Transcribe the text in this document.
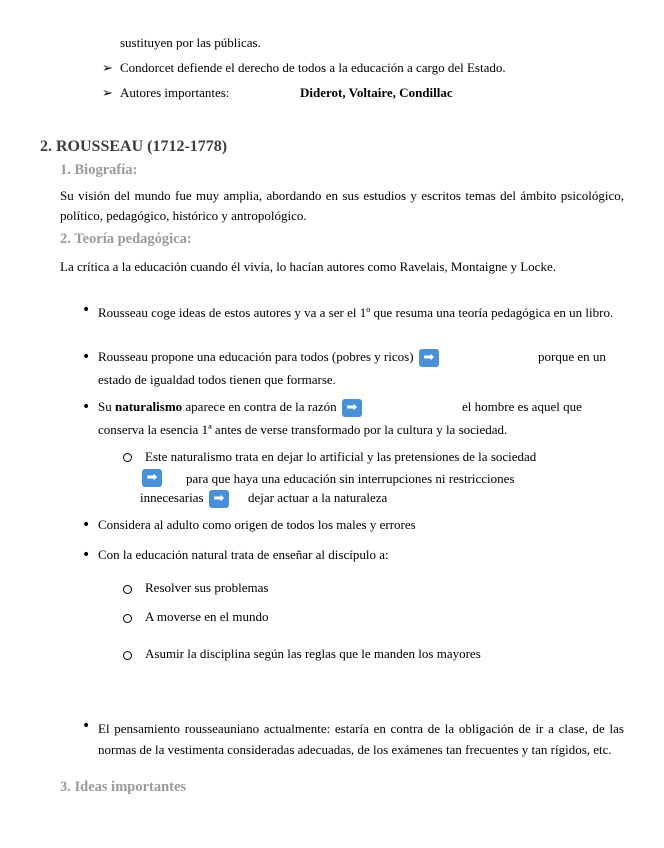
sustituyen por las públicas.
➢ Condorcet defiende el derecho de todos a la educación a cargo del Estado.
➢ Autores importantes:	Diderot, Voltaire, Condillac
2. ROUSSEAU (1712-1778)
1. Biografía:
Su visión del mundo fue muy amplia, abordando en sus estudios y escritos temas del ámbito psicológico, político, pedagógico, histórico y antropológico.
2. Teoría pedagógica:
La crítica a la educación cuando él vivía, lo hacían autores como Ravelais, Montaigne y Locke.
• Rousseau coge ideas de estos autores y va a ser el 1º que resuma una teoría pedagógica en un libro.
• Rousseau propone una educación para todos (pobres y ricos) ➡	porque en un
estado de igualdad todos tienen que formarse.
• Su naturalismo aparece en contra de la razón ➡	el hombre es aquel que
conserva la esencia 1ª antes de verse transformado por la cultura y la sociedad.
Este naturalismo trata en dejar lo artificial y las pretensiones de la sociedad
➡	para que haya una educación sin interrupciones ni restricciones
innecesarias ➡ dejar actuar a la naturaleza
• Considera al adulto como origen de todos los males y errores
• Con la educación natural trata de enseñar al discípulo a:
Resolver sus problemas
A moverse en el mundo
Asumir la disciplina según las reglas que le manden los mayores
• El pensamiento rousseauniano actualmente: estaría en contra de la obligación de ir a clase, de las normas de la vestimenta consideradas adecuadas, de los exámenes tan frecuentes y tan rígidos, etc.
3. Ideas importantes
